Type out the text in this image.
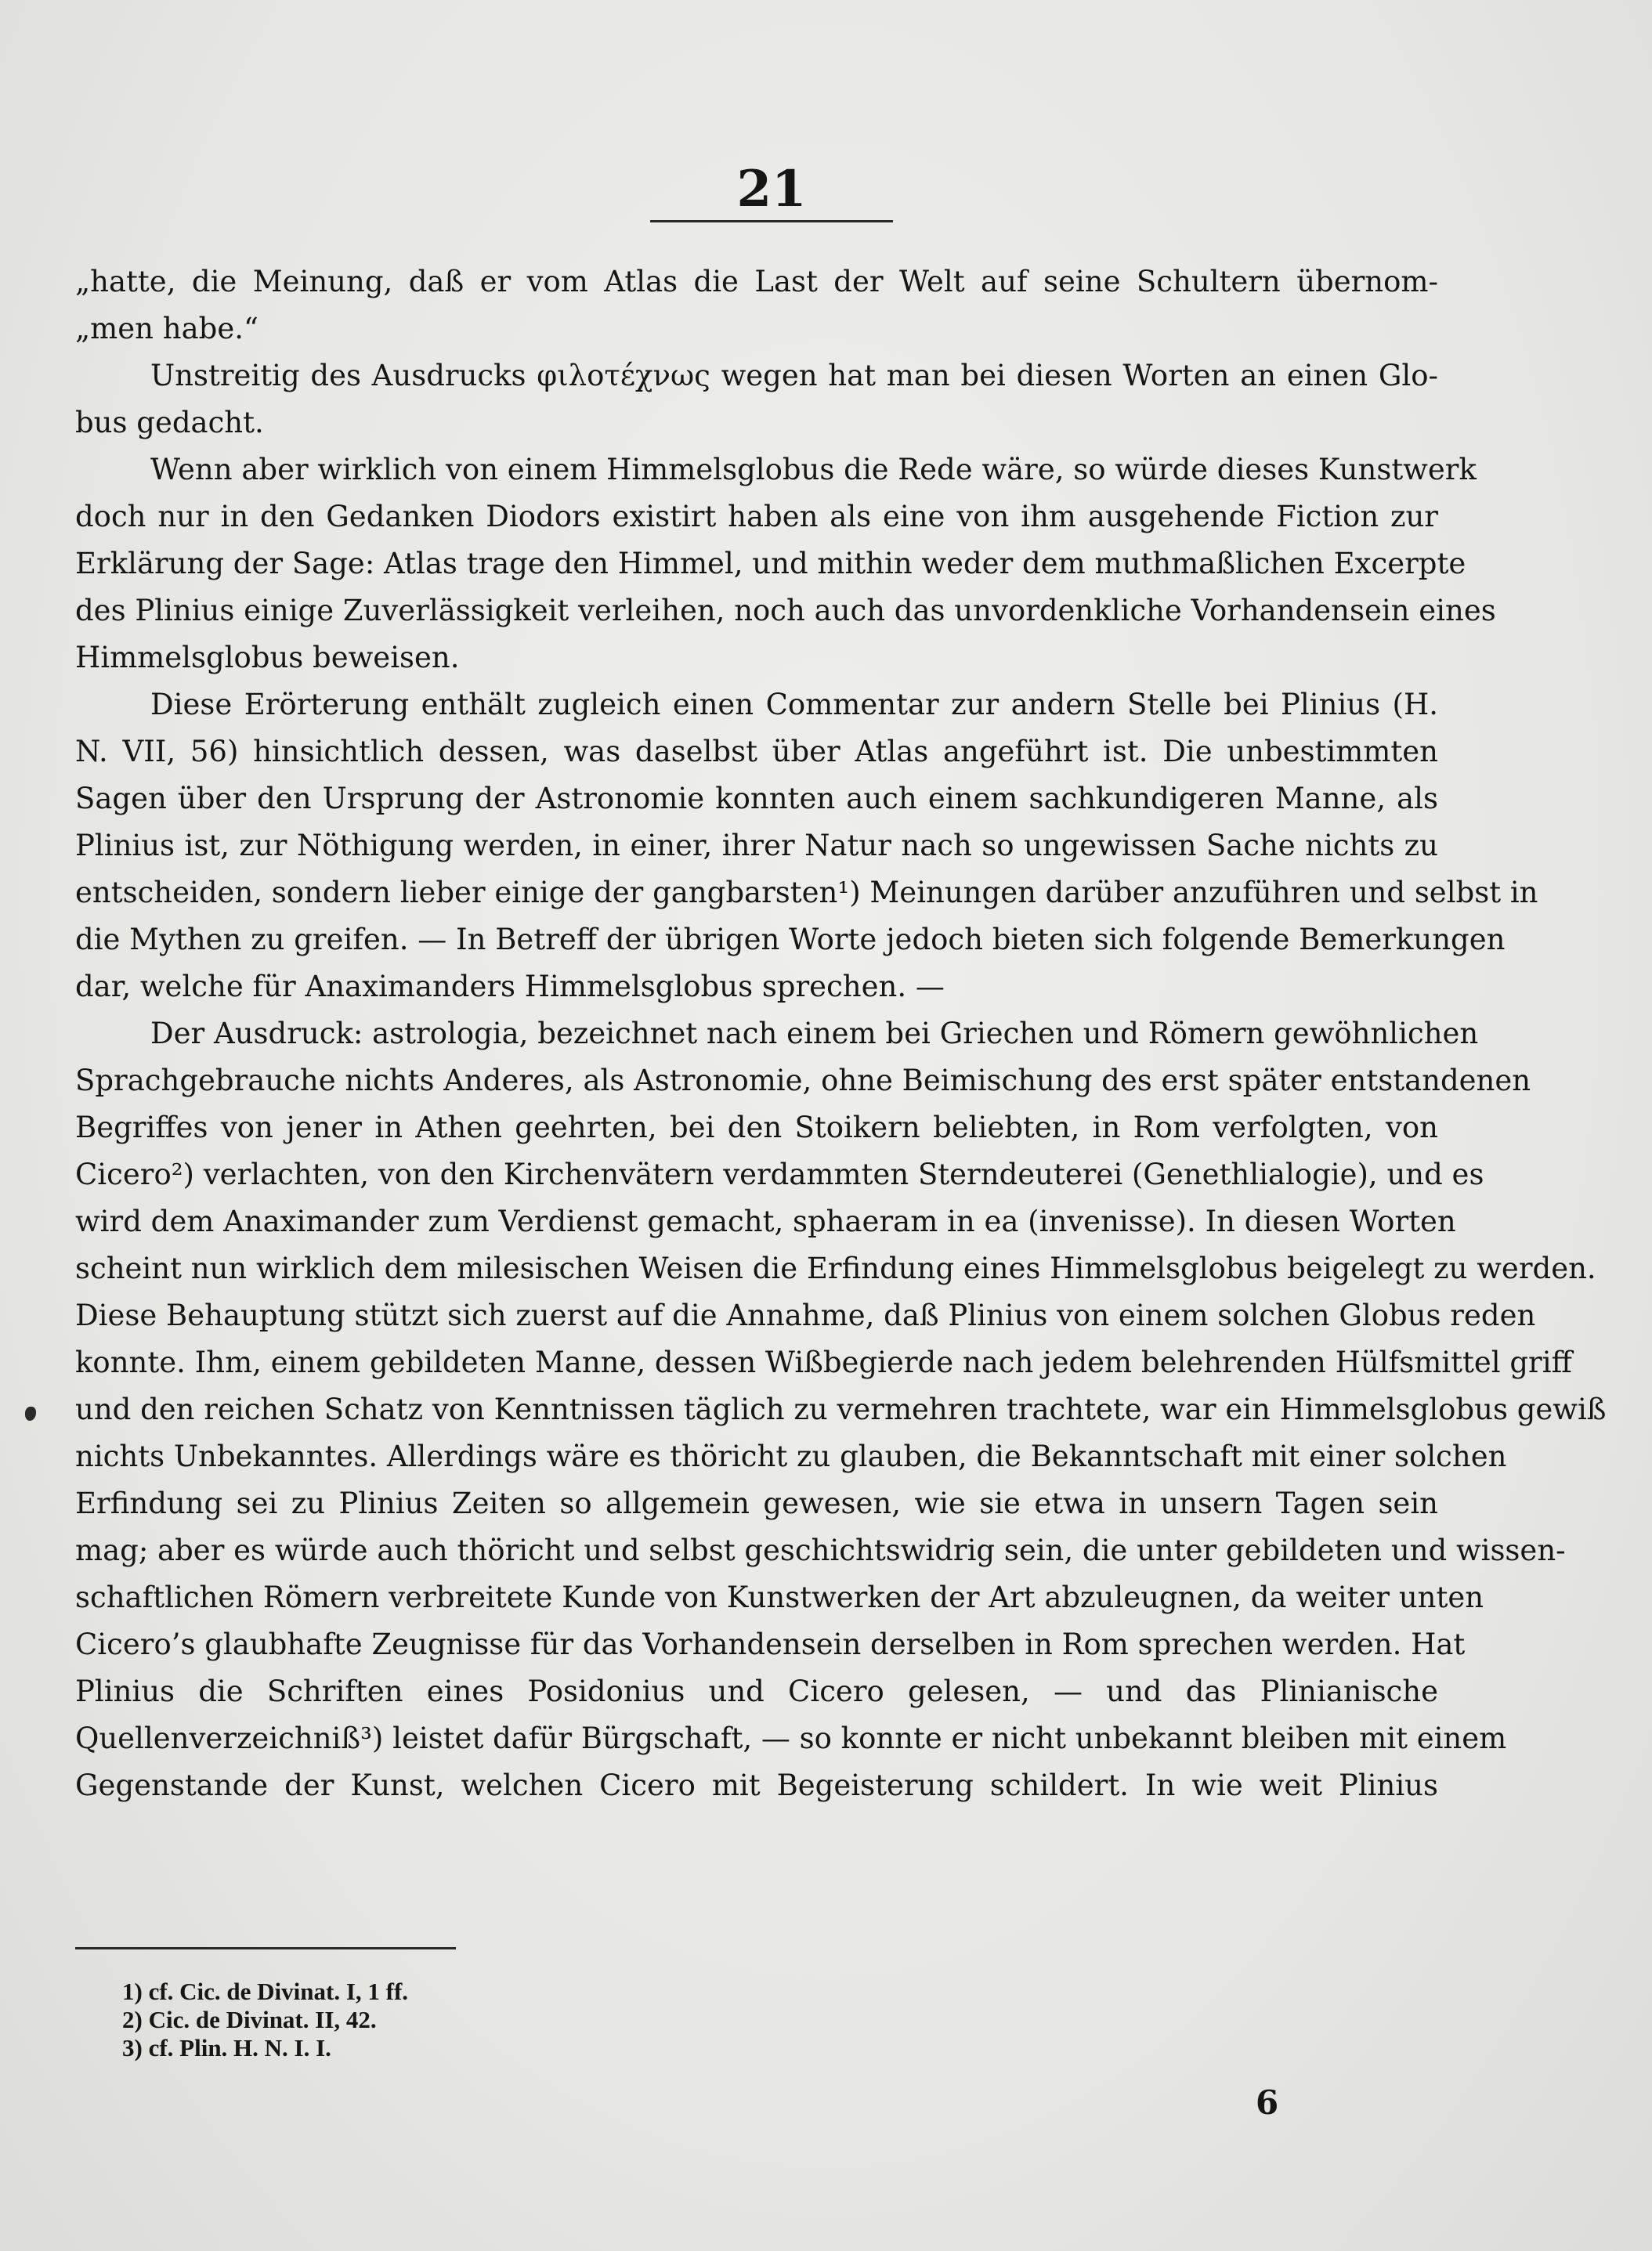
21
„hatte, die Meinung, daß er vom Atlas die Last der Welt auf seine Schultern übernom-
„men habe.“
Unstreitig des Ausdrucks φιλοτέχνως wegen hat man bei diesen Worten an einen Glo-
bus gedacht.
Wenn aber wirklich von einem Himmelsglobus die Rede wäre, so würde dieses Kunstwerk
doch nur in den Gedanken Diodors existirt haben als eine von ihm ausgehende Fiction zur
Erklärung der Sage: Atlas trage den Himmel, und mithin weder dem muthmaßlichen Excerpte
des Plinius einige Zuverlässigkeit verleihen, noch auch das unvordenkliche Vorhandensein eines
Himmelsglobus beweisen.
Diese Erörterung enthält zugleich einen Commentar zur andern Stelle bei Plinius (H.
N. VII, 56) hinsichtlich dessen, was daselbst über Atlas angeführt ist. Die unbestimmten
Sagen über den Ursprung der Astronomie konnten auch einem sachkundigeren Manne, als
Plinius ist, zur Nöthigung werden, in einer, ihrer Natur nach so ungewissen Sache nichts zu
entscheiden, sondern lieber einige der gangbarsten¹) Meinungen darüber anzuführen und selbst in
die Mythen zu greifen. — In Betreff der übrigen Worte jedoch bieten sich folgende Bemerkungen
dar, welche für Anaximanders Himmelsglobus sprechen. —
Der Ausdruck: astrologia, bezeichnet nach einem bei Griechen und Römern gewöhnlichen
Sprachgebrauche nichts Anderes, als Astronomie, ohne Beimischung des erst später entstandenen
Begriffes von jener in Athen geehrten, bei den Stoikern beliebten, in Rom verfolgten, von
Cicero²) verlachten, von den Kirchenvätern verdammten Sterndeuterei (Genethlialogie), und es
wird dem Anaximander zum Verdienst gemacht, sphaeram in ea (invenisse). In diesen Worten
scheint nun wirklich dem milesischen Weisen die Erfindung eines Himmelsglobus beigelegt zu werden.
Diese Behauptung stützt sich zuerst auf die Annahme, daß Plinius von einem solchen Globus reden
konnte. Ihm, einem gebildeten Manne, dessen Wißbegierde nach jedem belehrenden Hülfsmittel griff
und den reichen Schatz von Kenntnissen täglich zu vermehren trachtete, war ein Himmelsglobus gewiß
nichts Unbekanntes. Allerdings wäre es thöricht zu glauben, die Bekanntschaft mit einer solchen
Erfindung sei zu Plinius Zeiten so allgemein gewesen, wie sie etwa in unsern Tagen sein
mag; aber es würde auch thöricht und selbst geschichtswidrig sein, die unter gebildeten und wissen-
schaftlichen Römern verbreitete Kunde von Kunstwerken der Art abzuleugnen, da weiter unten
Cicero’s glaubhafte Zeugnisse für das Vorhandensein derselben in Rom sprechen werden. Hat
Plinius die Schriften eines Posidonius und Cicero gelesen, — und das Plinianische
Quellenverzeichniß³) leistet dafür Bürgschaft, — so konnte er nicht unbekannt bleiben mit einem
Gegenstande der Kunst, welchen Cicero mit Begeisterung schildert. In wie weit Plinius
1) cf. Cic. de Divinat. I, 1 ff.
2) Cic. de Divinat. II, 42.
3) cf. Plin. H. N. I. I.
6
